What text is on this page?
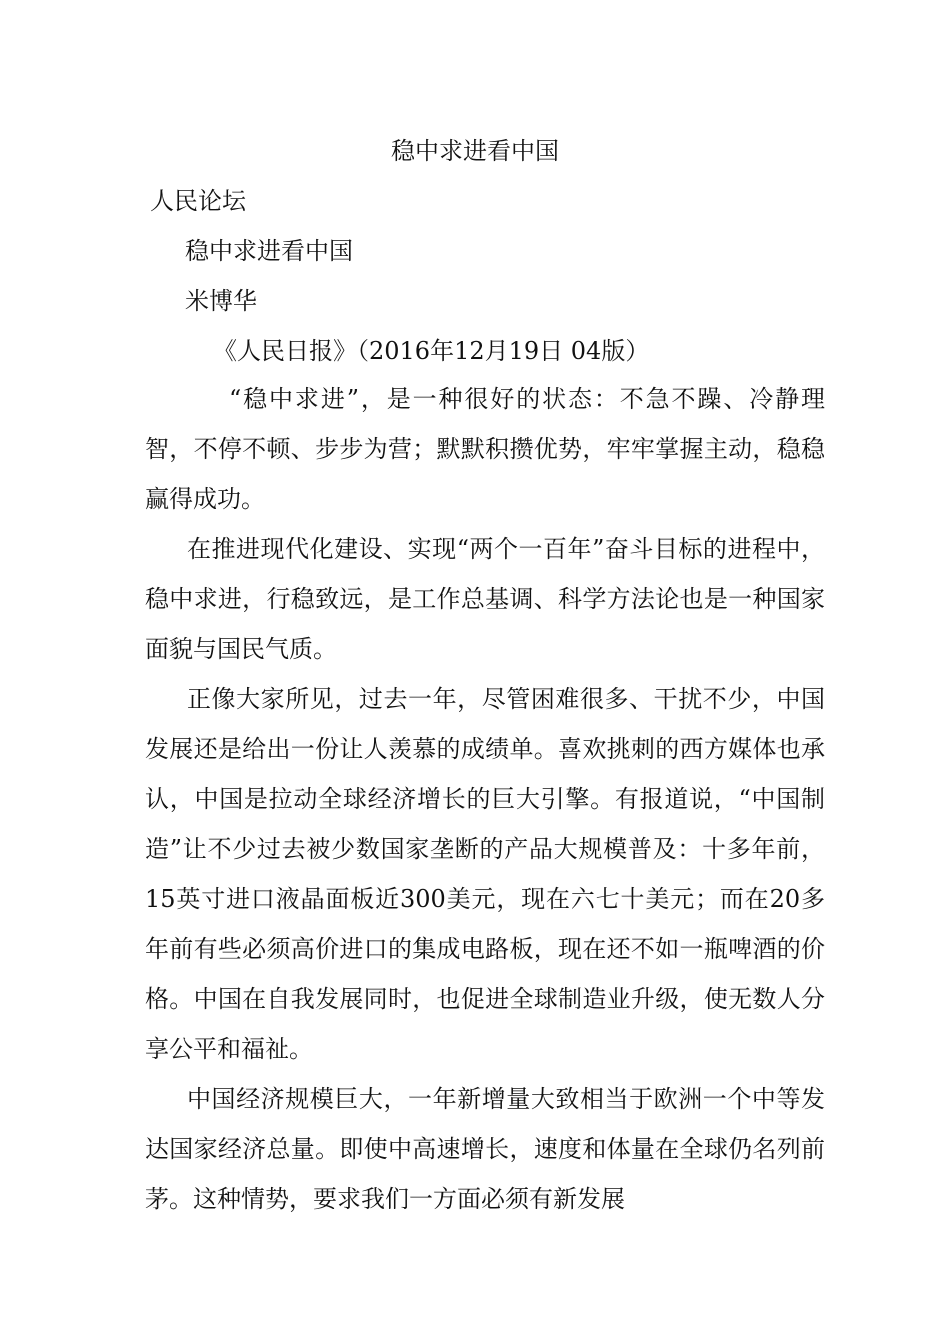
稳中求进看中国
人民论坛
稳中求进看中国
米博华
《人民日报》（2016年12月19日 04版）

“稳中求进”，是一种很好的状态：不急不躁、冷静理智，不停不顿、步步为营；默默积攒优势，牢牢掌握主动，稳稳赢得成功。

在推进现代化建设、实现“两个一百年”奋斗目标的进程中，稳中求进，行稳致远，是工作总基调、科学方法论也是一种国家面貌与国民气质。

正像大家所见，过去一年，尽管困难很多、干扰不少，中国发展还是给出一份让人羡慕的成绩单。喜欢挑刺的西方媒体也承认，中国是拉动全球经济增长的巨大引擎。有报道说，“中国制造”让不少过去被少数国家垄断的产品大规模普及：十多年前，15英寸进口液晶面板近300美元，现在六七十美元；而在20多年前有些必须高价进口的集成电路板，现在还不如一瓶啤酒的价格。中国在自我发展同时，也促进全球制造业升级，使无数人分享公平和福祉。

中国经济规模巨大，一年新增量大致相当于欧洲一个中等发达国家经济总量。即使中高速增长，速度和体量在全球仍名列前茅。这种情势，要求我们一方面必须有新发展
